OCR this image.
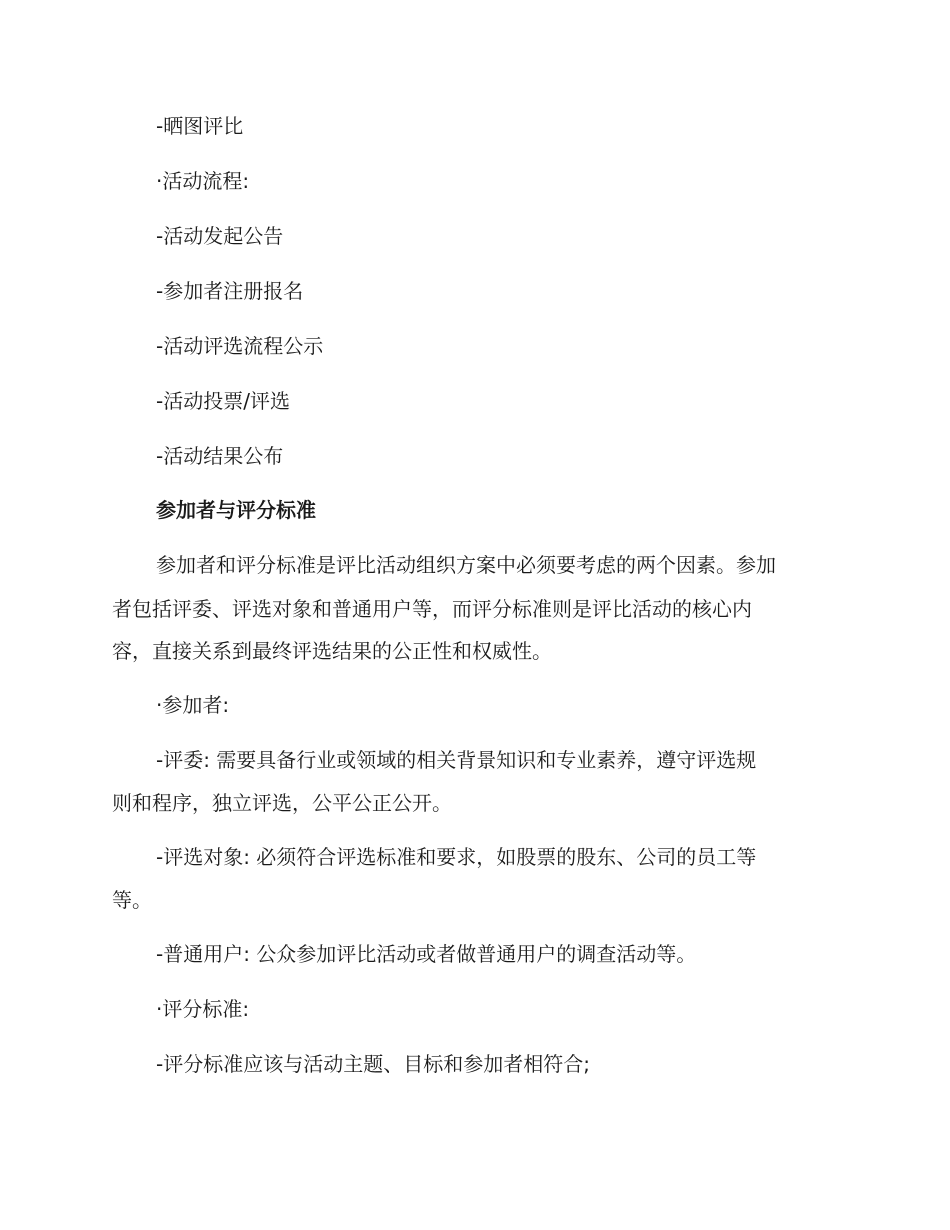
-晒图评比
·活动流程:
-活动发起公告
-参加者注册报名
-活动评选流程公示
-活动投票/评选
-活动结果公布
参加者与评分标准
参加者和评分标准是评比活动组织方案中必须要考虑的两个因素。参加
者包括评委、评选对象和普通用户等，而评分标准则是评比活动的核心内
容，直接关系到最终评选结果的公正性和权威性。
·参加者:
-评委: 需要具备行业或领域的相关背景知识和专业素养，遵守评选规
则和程序，独立评选，公平公正公开。
-评选对象: 必须符合评选标准和要求，如股票的股东、公司的员工等
等。
-普通用户: 公众参加评比活动或者做普通用户的调查活动等。
·评分标准:
-评分标准应该与活动主题、目标和参加者相符合;
